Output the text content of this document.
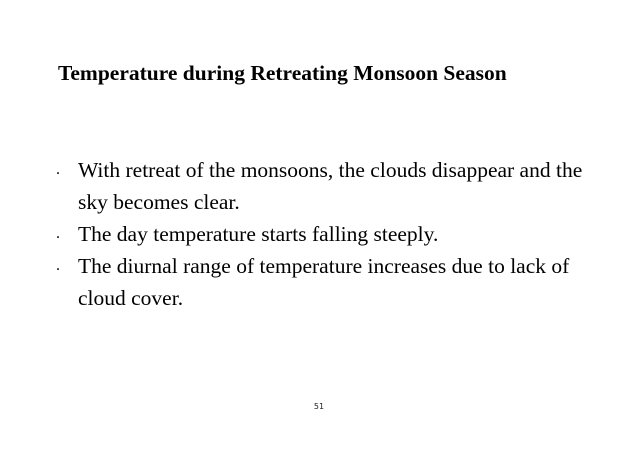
Temperature during Retreating Monsoon Season
. With retreat of the monsoons, the clouds disappear and the sky becomes clear.
. The day temperature starts falling steeply.
. The diurnal range of temperature increases due to lack of cloud cover.
51
